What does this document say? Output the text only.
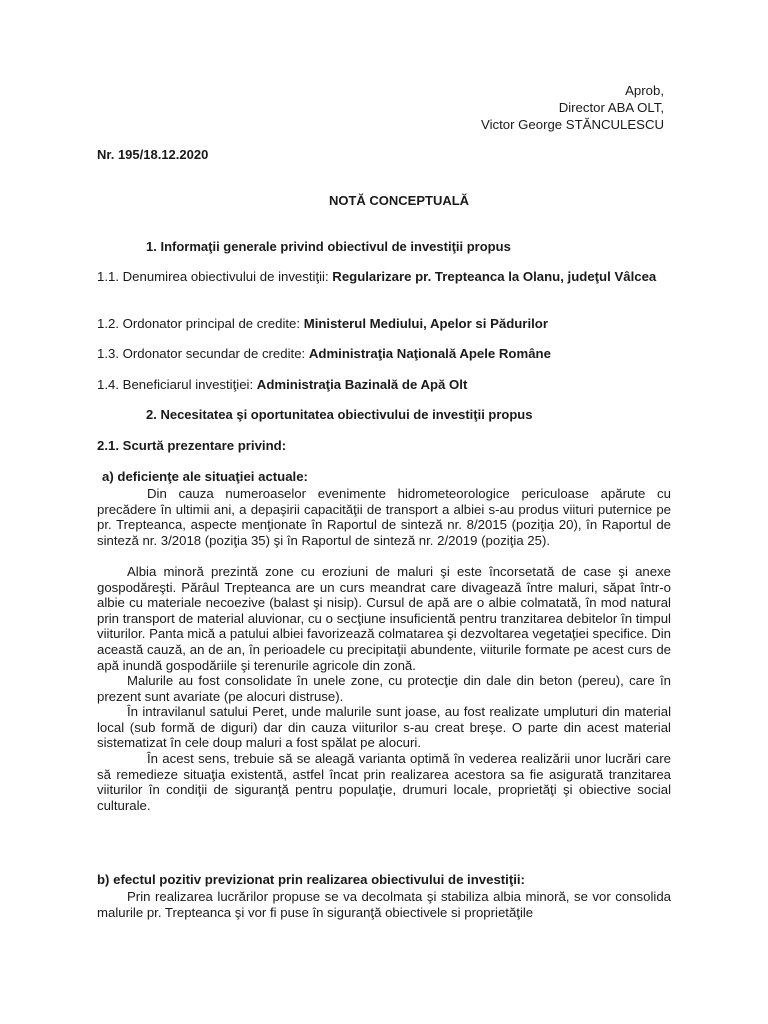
Aprob,
Director ABA OLT,
Victor George STĂNCULESCU
Nr. 195/18.12.2020
NOTĂ CONCEPTUALĂ
1. Informaţii generale privind obiectivul de investiţii propus
1.1. Denumirea obiectivului de investiţii: Regularizare pr. Trepteanca la Olanu, judeţul Vâlcea
1.2. Ordonator principal de credite: Ministerul Mediului, Apelor si Pădurilor
1.3. Ordonator secundar de credite: Administraţia Naţională Apele Române
1.4. Beneficiarul investiţiei: Administraţia Bazinală de Apă Olt
2. Necesitatea şi oportunitatea obiectivului de investiţii propus
2.1. Scurtă prezentare privind:
a) deficienţe ale situaţiei actuale:
Din cauza numeroaselor evenimente hidrometeorologice periculoase apărute cu precădere în ultimii ani, a depaşirii capacităţii de transport a albiei s-au produs viituri puternice pe pr. Trepteanca, aspecte menţionate în Raportul de sinteză nr. 8/2015 (poziţia 20), în Raportul de sinteză nr. 3/2018 (poziţia 35) şi în Raportul de sinteză nr. 2/2019 (poziţia 25).
Albia minoră prezintă zone cu eroziuni de maluri şi este încorsetată de case şi anexe gospodăreşti. Părâul Trepteanca are un curs meandrat care divagează între maluri, săpat într-o albie cu materiale necoezive (balast şi nisip). Cursul de apă are o albie colmatată, în mod natural prin transport de material aluvionar, cu o secţiune insuficientă pentru tranzitarea debitelor în timpul viiturilor. Panta mică a patului albiei favorizează colmatarea şi dezvoltarea vegetaţiei specifice. Din această cauză, an de an, în perioadele cu precipitaţii abundente, viiturile formate pe acest curs de apă inundă gospodăriile şi terenurile agricole din zonă.
Malurile au fost consolidate în unele zone, cu protecţie din dale din beton (pereu), care în prezent sunt avariate (pe alocuri distruse).
În intravilanul satului Peret, unde malurile sunt joase, au fost realizate umpluturi din material local (sub formă de diguri) dar din cauza viiturilor s-au creat breşe. O parte din acest material sistematizat în cele doup maluri a fost spălat pe alocuri.
În acest sens, trebuie să se aleagă varianta optimă în vederea realizării unor lucrări care să remedieze situaţia existentă, astfel încat prin realizarea acestora sa fie asigurată tranzitarea viiturilor în condiţii de siguranţă pentru populaţie, drumuri locale, proprietăţi şi obiective social culturale.
b) efectul pozitiv previzionat prin realizarea obiectivului de investiţii:
Prin realizarea lucrărilor propuse se va decolmata şi stabiliza albia minoră, se vor consolida malurile pr. Trepteanca şi vor fi puse în siguranţă obiectivele si proprietăţile
